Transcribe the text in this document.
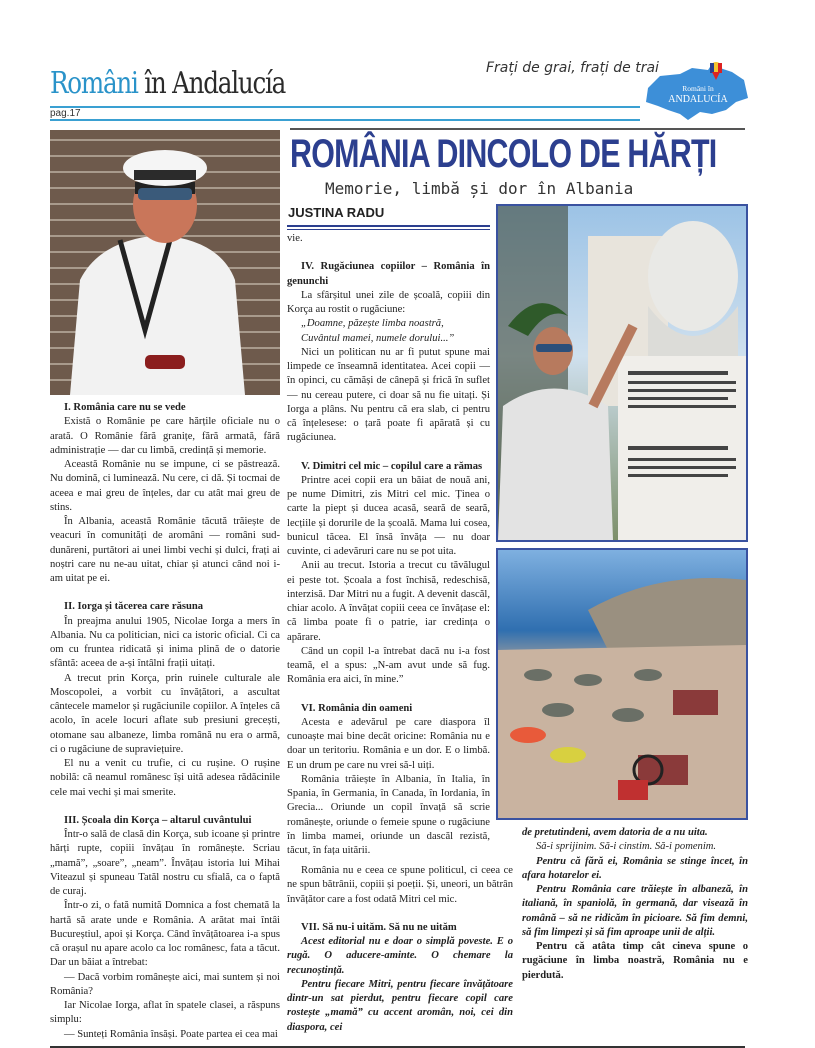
Români în Andalucía
pag.17
Frați de grai, frați de trai
Români în
ANDALUCÍA
ROMÂNIA DINCOLO DE HĂRȚI
Memorie, limbă și dor în Albania
JUSTINA RADU
I. România care nu se vede

Există o Românie pe care hărțile oficiale nu o arată. O Românie fără granițe, fără armată, fără administrație — dar cu limbă, credință și memorie.

Această Românie nu se impune, ci se păstrează. Nu domină, ci luminează. Nu cere, ci dă. Și tocmai de aceea e mai greu de înțeles, dar cu atât mai greu de stins.

În Albania, această Românie tăcută trăiește de veacuri în comunități de aromâni — români sud-dunăreni, purtători ai unei limbi vechi și dulci, frați ai noștri care nu ne-au uitat, chiar și atunci când noi i-am uitat pe ei.

II. Iorga și tăcerea care răsuna

În preajma anului 1905, Nicolae Iorga a mers în Albania. Nu ca politician, nici ca istoric oficial. Ci ca om cu fruntea ridicată și inima plină de o datorie sfântă: aceea de a-și întâlni frații uitați.

A trecut prin Korça, prin ruinele culturale ale Moscopolei, a vorbit cu învățători, a ascultat cântecele mamelor și rugăciunile copiilor. A înțeles că acolo, în acele locuri aflate sub presiuni grecești, otomane sau albaneze, limba română nu era o armă, ci o rugăciune de supraviețuire.

El nu a venit cu trufie, ci cu rușine. O rușine nobilă: că neamul românesc își uită adesea rădăcinile cele mai vechi și mai smerite.

III. Școala din Korça – altarul cuvântului

Într-o sală de clasă din Korça, sub icoane și printre hărți rupte, copiii învățau în românește. Scriau „mamă”, „soare”, „neam”. Învățau istoria lui Mihai Viteazul și spuneau Tatăl nostru cu sfială, ca o faptă de curaj.

Într-o zi, o fată numită Domnica a fost chemată la hartă să arate unde e România. A arătat mai întâi Bucureștiul, apoi și Korça. Când învățătoarea i-a spus că orașul nu apare acolo ca loc românesc, fata a tăcut. Dar un băiat a întrebat:

— Dacă vorbim românește aici, mai suntem și noi România?

Iar Nicolae Iorga, aflat în spatele clasei, a răspuns simplu:

— Sunteți România însăși. Poate partea ei cea mai

vie.

IV. Rugăciunea copiilor – România în genunchi

La sfârșitul unei zile de școală, copiii din Korça au rostit o rugăciune:

„Doamne, păzește limba noastră,

Cuvântul mamei, numele dorului...”

Nici un politican nu ar fi putut spune mai limpede ce înseamnă identitatea. Acei copii — în opinci, cu cămăși de cânepă și frică în suflet — nu cereau putere, ci doar să nu fie uitați. Și Iorga a plâns. Nu pentru că era slab, ci pentru că înțelesese: o țară poate fi apărată și cu rugăciunea.

V. Dimitri cel mic – copilul care a rămas

Printre acei copii era un băiat de nouă ani, pe nume Dimitri, zis Mitri cel mic. Ținea o carte la piept și ducea acasă, seară de seară, lecțiile și dorurile de la școală. Mama lui cosea, bunicul tăcea. El însă învăța — nu doar cuvinte, ci adevăruri care nu se pot uita.

Anii au trecut. Istoria a trecut cu tăvălugul ei peste tot. Școala a fost închisă, redeschisă, interzisă. Dar Mitri nu a fugit. A devenit dascăl, chiar acolo. A învățat copiii ceea ce învățase el: că limba poate fi o patrie, iar credința o apărare.

Când un copil l-a întrebat dacă nu i-a fost teamă, el a spus: „N-am avut unde să fug. România era aici, în mine.”

VI. România din oameni

Acesta e adevărul pe care diaspora îl cunoaște mai bine decât oricine: România nu e doar un teritoriu. România e un dor. E o limbă. E un drum pe care nu vrei să-l uiți.

România trăiește în Albania, în Italia, în Spania, în Germania, în Canada, în Iordania, în Grecia... Oriunde un copil învață să scrie românește, oriunde o femeie spune o rugăciune în limba mamei, oriunde un dascăl rezistă, tăcut, în fața uitării.

România nu e ceea ce spune politicul, ci ceea ce ne spun bătrânii, copiii și poeții. Și, uneori, un bătrân învățător care a fost odată Mitri cel mic.

VII. Să nu-i uităm. Să nu ne uităm

Acest editorial nu e doar o simplă poveste. E o rugă. O aducere-aminte. O chemare la recunoștință.

Pentru fiecare Mitri, pentru fiecare învățătoare dintr-un sat pierdut, pentru fiecare copil care rostește „mamă” cu accent aromân, noi, cei din diaspora, cei

de pretutindeni, avem datoria de a nu uita.

Să-i sprijinim. Să-i cinstim. Să-i pomenim.

Pentru că fără ei, România se stinge încet, în afara hotarelor ei.

Pentru România care trăiește în albaneză, în italiană, în spaniolă, în germană, dar visează în română – să ne ridicăm în picioare. Să fim demni, să fim limpezi și să fim aproape unii de alții.

Pentru că atâta timp cât cineva spune o rugăciune în limba noastră, România nu e pierdută.
